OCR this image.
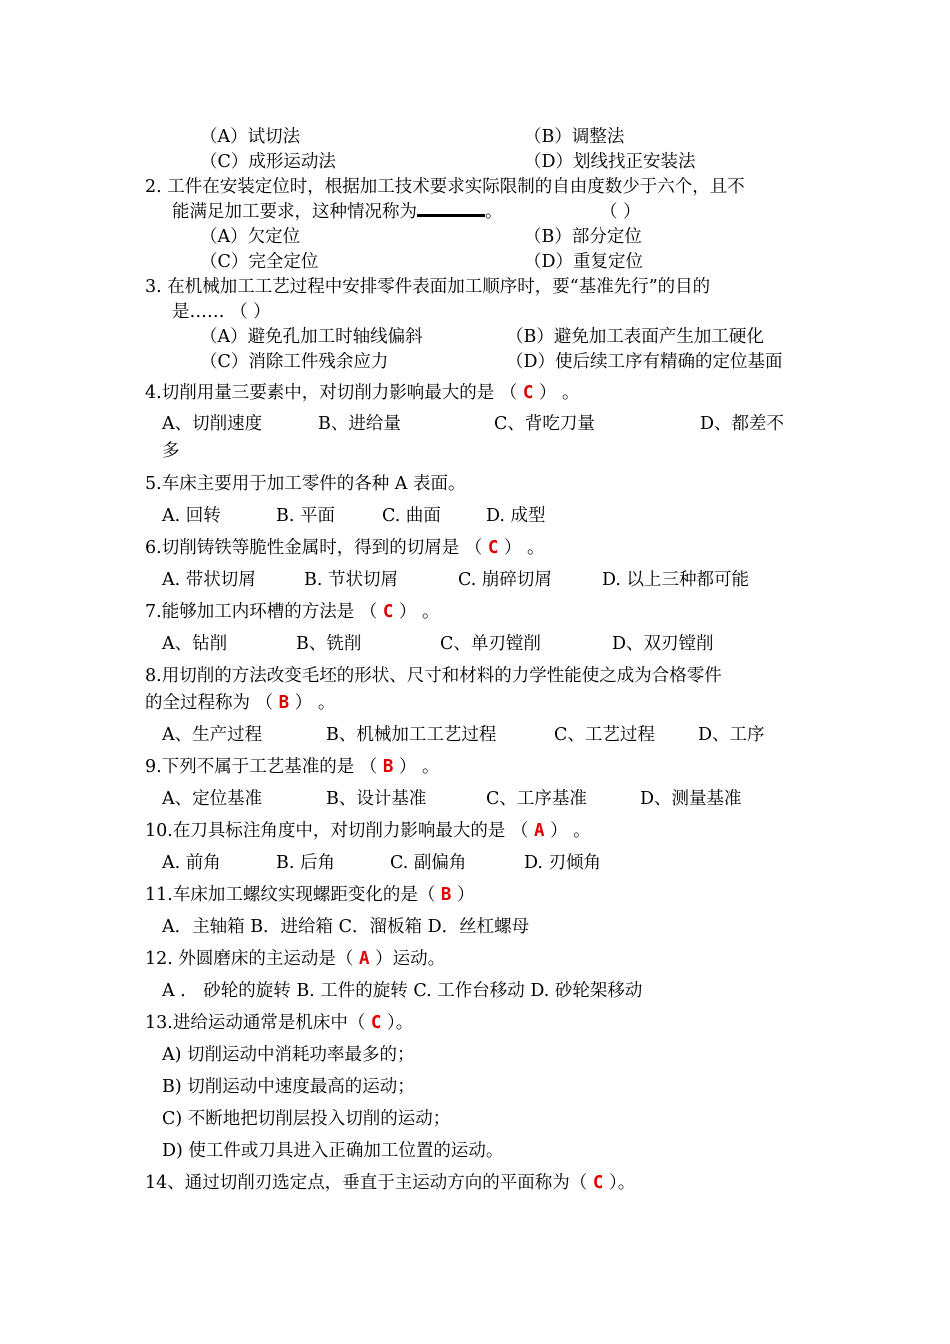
（A）试切法	（B）调整法
（C）成形运动法	（D）划线找正安装法
2. 工件在安装定位时，根据加工技术要求实际限制的自由度数少于六个，且不
能满足加工要求，这种情况称为	。	（ ）
（A）欠定位	（B）部分定位
（C）完全定位	（D）重复定位
3. 在机械加工工艺过程中安排零件表面加工顺序时，要“基准先行”的目的
是…… （ ）
（A）避免孔加工时轴线偏斜	（B）避免加工表面产生加工硬化
（C）消除工件残余应力	（D）使后续工序有精确的定位基面
4.切削用量三要素中，对切削力影响最大的是 （ C ） 。
A、切削速度	B、进给量	C、背吃刀量	D、都差不
多
5.车床主要用于加工零件的各种 A 表面。
A. 回转	B. 平面	C. 曲面	D. 成型
6.切削铸铁等脆性金属时，得到的切屑是 （ C ） 。
A. 带状切屑	B. 节状切屑	C. 崩碎切屑	D. 以上三种都可能
7.能够加工内环槽的方法是 （ C ） 。
A、钻削	B、铣削	C、单刃镗削	D、双刃镗削
8.用切削的方法改变毛坯的形状、尺寸和材料的力学性能使之成为合格零件
的全过程称为 （ B ） 。
A、生产过程	B、机械加工工艺过程	C、工艺过程 D、工序
9.下列不属于工艺基准的是 （ B ） 。
A、定位基准	B、设计基准	C、工序基准	D、测量基准
10.在刀具标注角度中，对切削力影响最大的是 （ A ） 。
A. 前角	B. 后角	C. 副偏角	D. 刃倾角
11.车床加工螺纹实现螺距变化的是（ B ）
A．主轴箱 B．进给箱 C．溜板箱 D．丝杠螺母
12. 外圆磨床的主运动是（ A ）运动。
A ． 砂轮的旋转 B. 工件的旋转 C. 工作台移动 D. 砂轮架移动
13.进给运动通常是机床中（ C ）。
A) 切削运动中消耗功率最多的；
B) 切削运动中速度最高的运动；
C) 不断地把切削层投入切削的运动；
D) 使工件或刀具进入正确加工位置的运动。
14、通过切削刃选定点，垂直于主运动方向的平面称为（ C ）。
